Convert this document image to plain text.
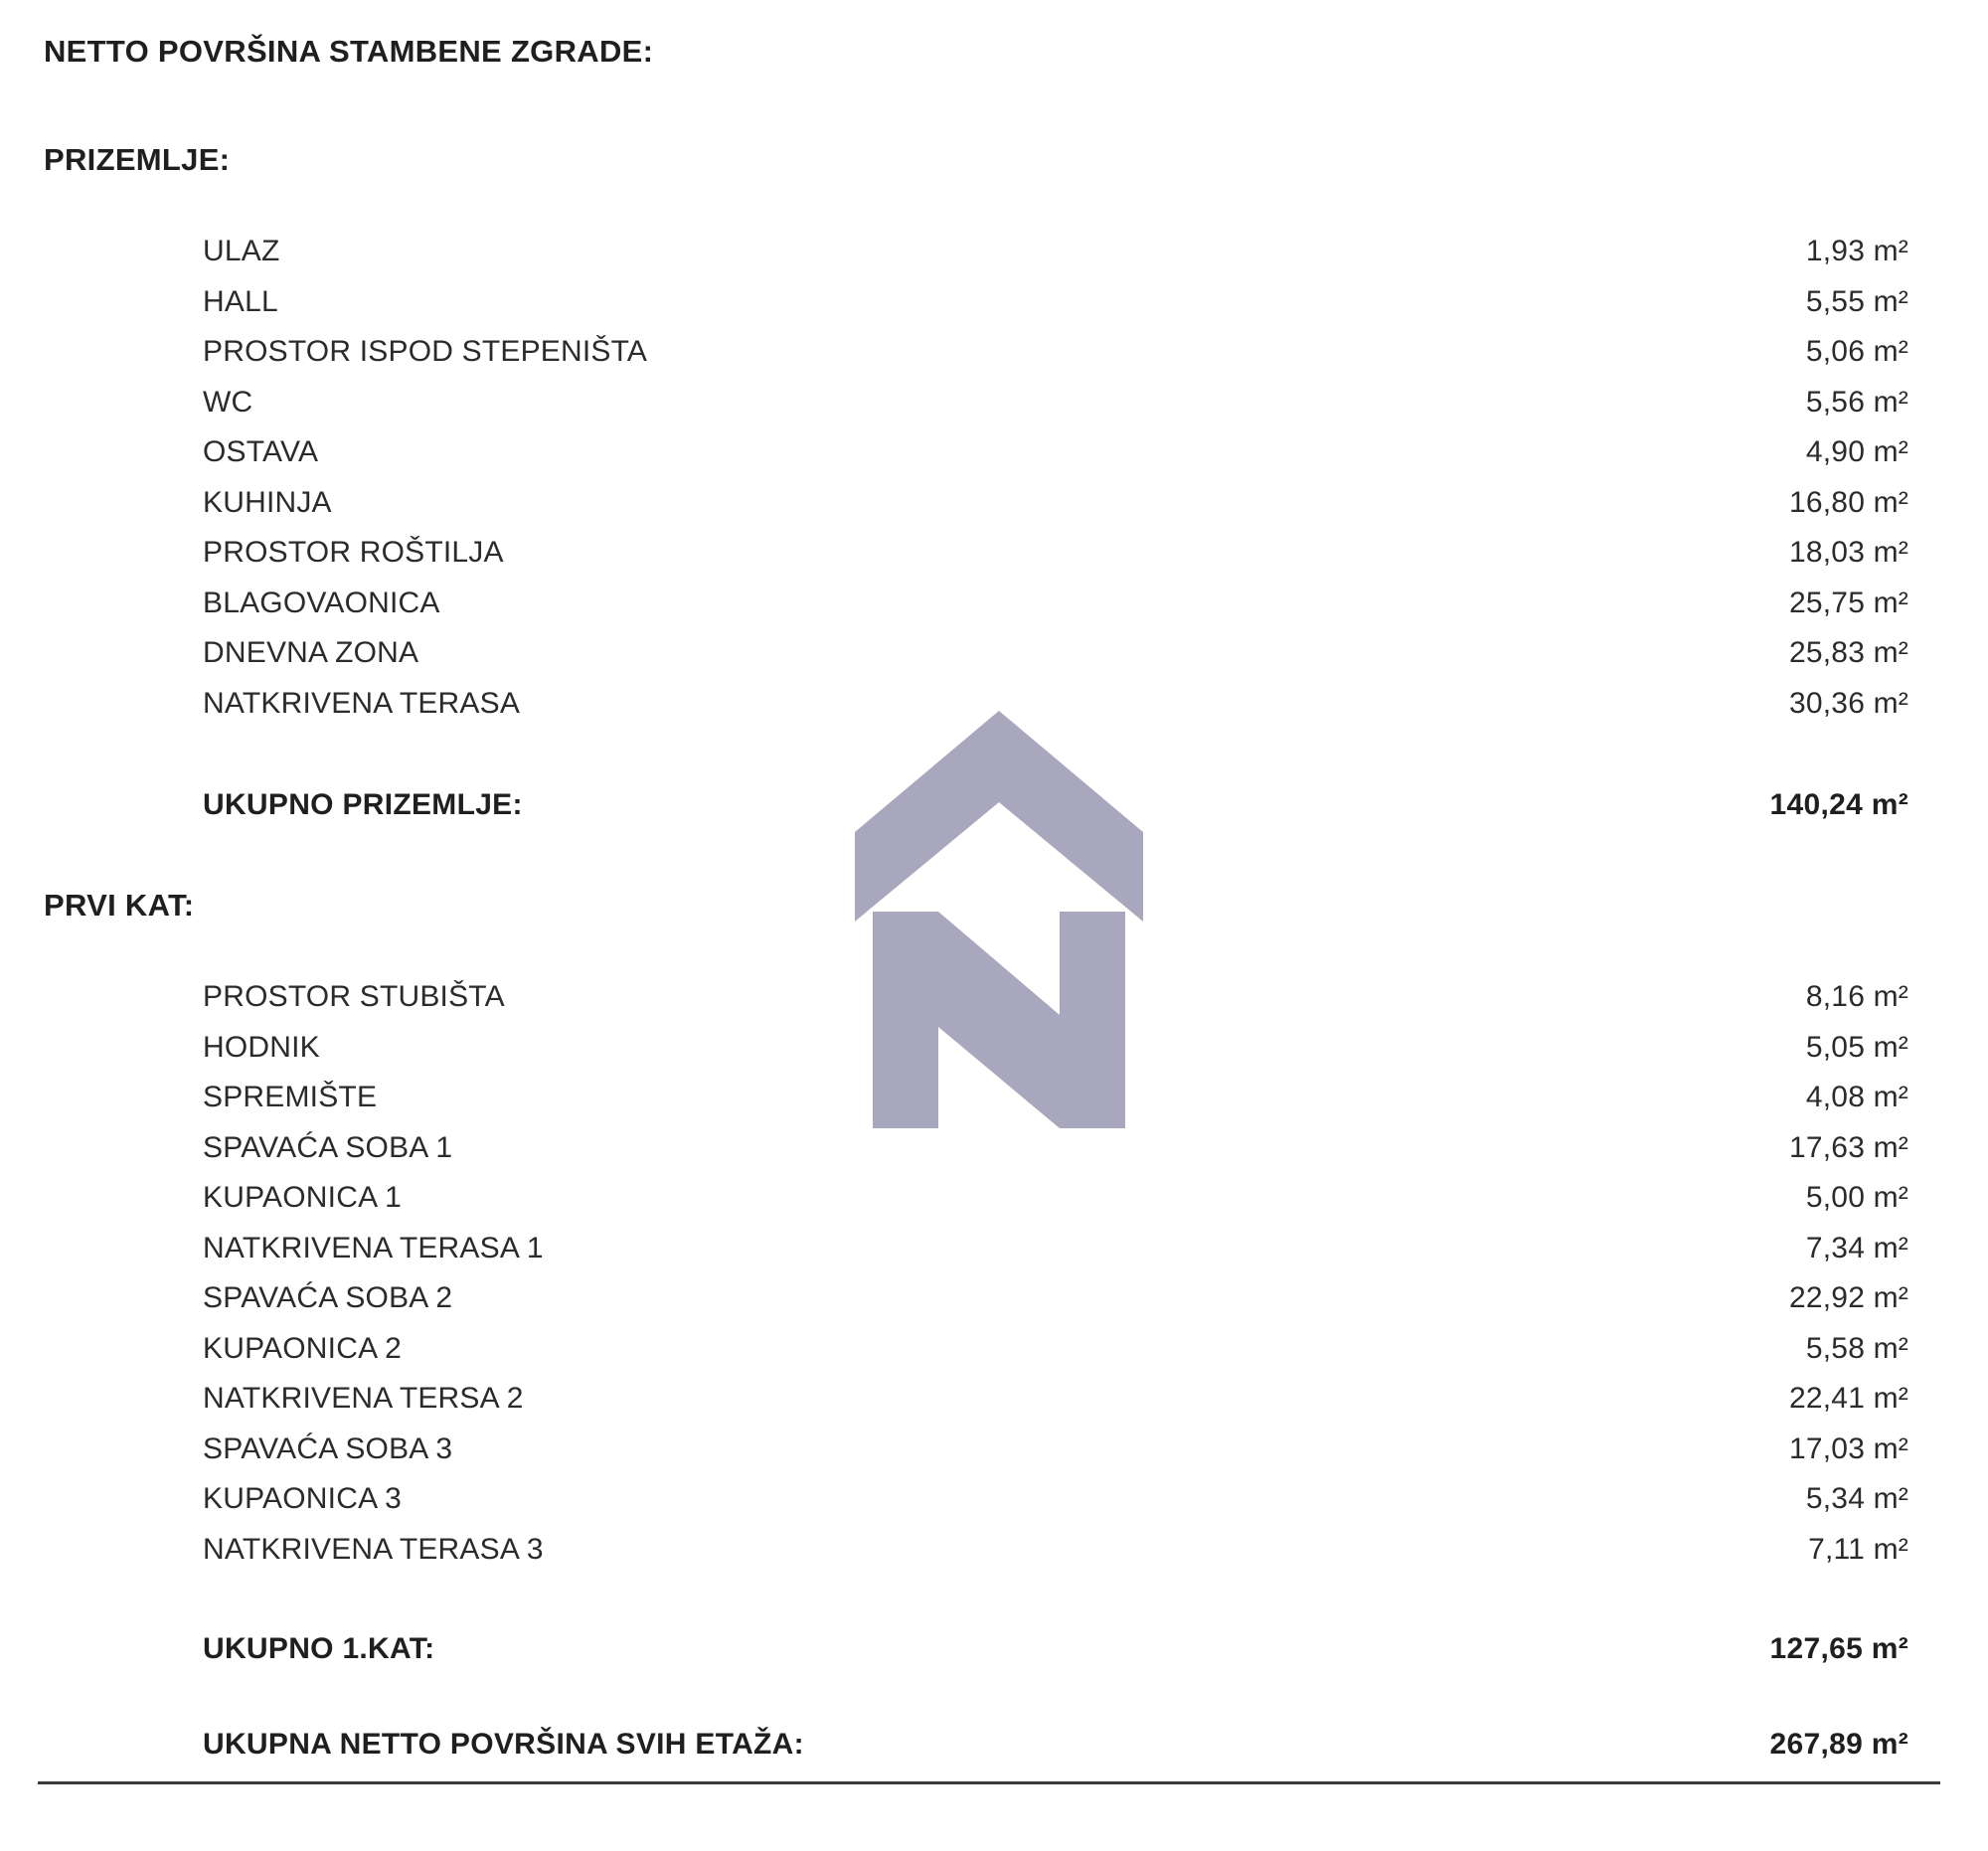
NETTO POVRŠINA STAMBENE ZGRADE:
PRIZEMLJE:
ULAZ	1,93 m²
HALL	5,55 m²
PROSTOR ISPOD STEPENIŠTA	5,06 m²
WC	5,56 m²
OSTAVA	4,90 m²
KUHINJA	16,80 m²
PROSTOR ROŠTILJA	18,03 m²
BLAGOVAONICA	25,75 m²
DNEVNA ZONA	25,83 m²
NATKRIVENA TERASA	30,36 m²
UKUPNO PRIZEMLJE:	140,24 m²
PRVI KAT:
PROSTOR STUBIŠTA	8,16 m²
HODNIK	5,05 m²
SPREMIŠTE	4,08 m²
SPAVAĆA SOBA 1	17,63 m²
KUPAONICA 1	5,00 m²
NATKRIVENA TERASA 1	7,34 m²
SPAVAĆA SOBA 2	22,92 m²
KUPAONICA 2	5,58 m²
NATKRIVENA TERSA 2	22,41 m²
SPAVAĆA SOBA 3	17,03 m²
KUPAONICA 3	5,34 m²
NATKRIVENA TERASA 3	7,11 m²
UKUPNO 1.KAT:	127,65 m²
UKUPNA NETTO POVRŠINA SVIH ETAŽA:	267,89 m²
